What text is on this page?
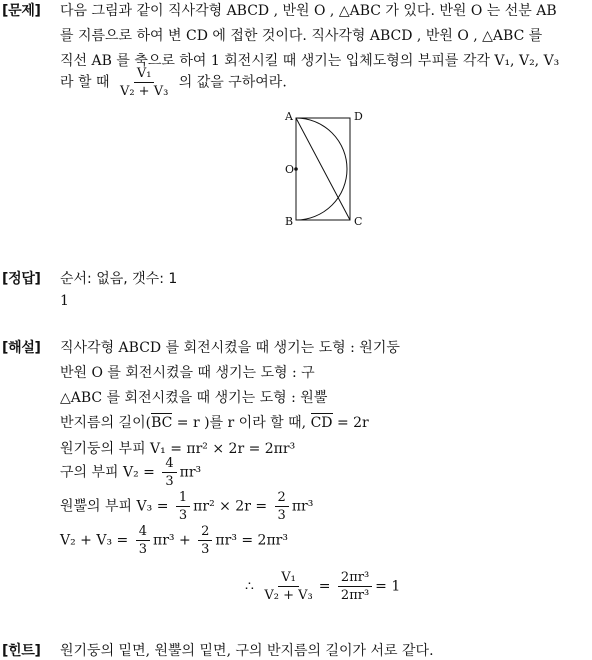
[문제]
[정답]
[해설]
[힌트]
다음 그림과 같이 직사각형 ABCD , 반원 O , △ABC 가 있다. 반원 O 는 선분 AB
를 지름으로 하여 변 CD 에 접한 것이다. 직사각형 ABCD , 반원 O , △ABC 를
직선 AB 를 축으로 하여 1 회전시킬 때 생기는 입체도형의 부피를 각각 V₁, V₂, V₃
라 할 때 $\frac{\text{V₁}}{\text{V₂ + V₃}}$ 의 값을 구하여라.
A	D
O
B	C
순서: 없음, 갯수: 1
1
직사각형 ABCD 를 회전시켰을 때 생기는 도형 : 원기둥
반원 O 를 회전시켰을 때 생기는 도형 : 구
△ABC 를 회전시켰을 때 생기는 도형 : 원뿔
반지름의 길이(BC = r )를 r 이라 할 때, CD = 2r
원기둥의 부피 V₁ = πr² × 2r = 2πr³
구의 부피 $V_2 = \frac{4}{3} \pi r^3$
원뿔의 부피 $V_3 = \frac{1}{3} \pi r^2 \times 2r = \frac{2}{3} \pi r^3$
$V_2 + V_3 = \frac{4}{3} \pi r^3 + \frac{2}{3} \pi r^3 = 2\pi r^3$
∴ $\frac{\text{V₁}}{\text{V₂ + V₃}} = \frac{\text{2πr³}}{\text{2πr³}} = 1$
원기둥의 밑면, 원뿔의 밑면, 구의 반지름의 길이가 서로 같다.
